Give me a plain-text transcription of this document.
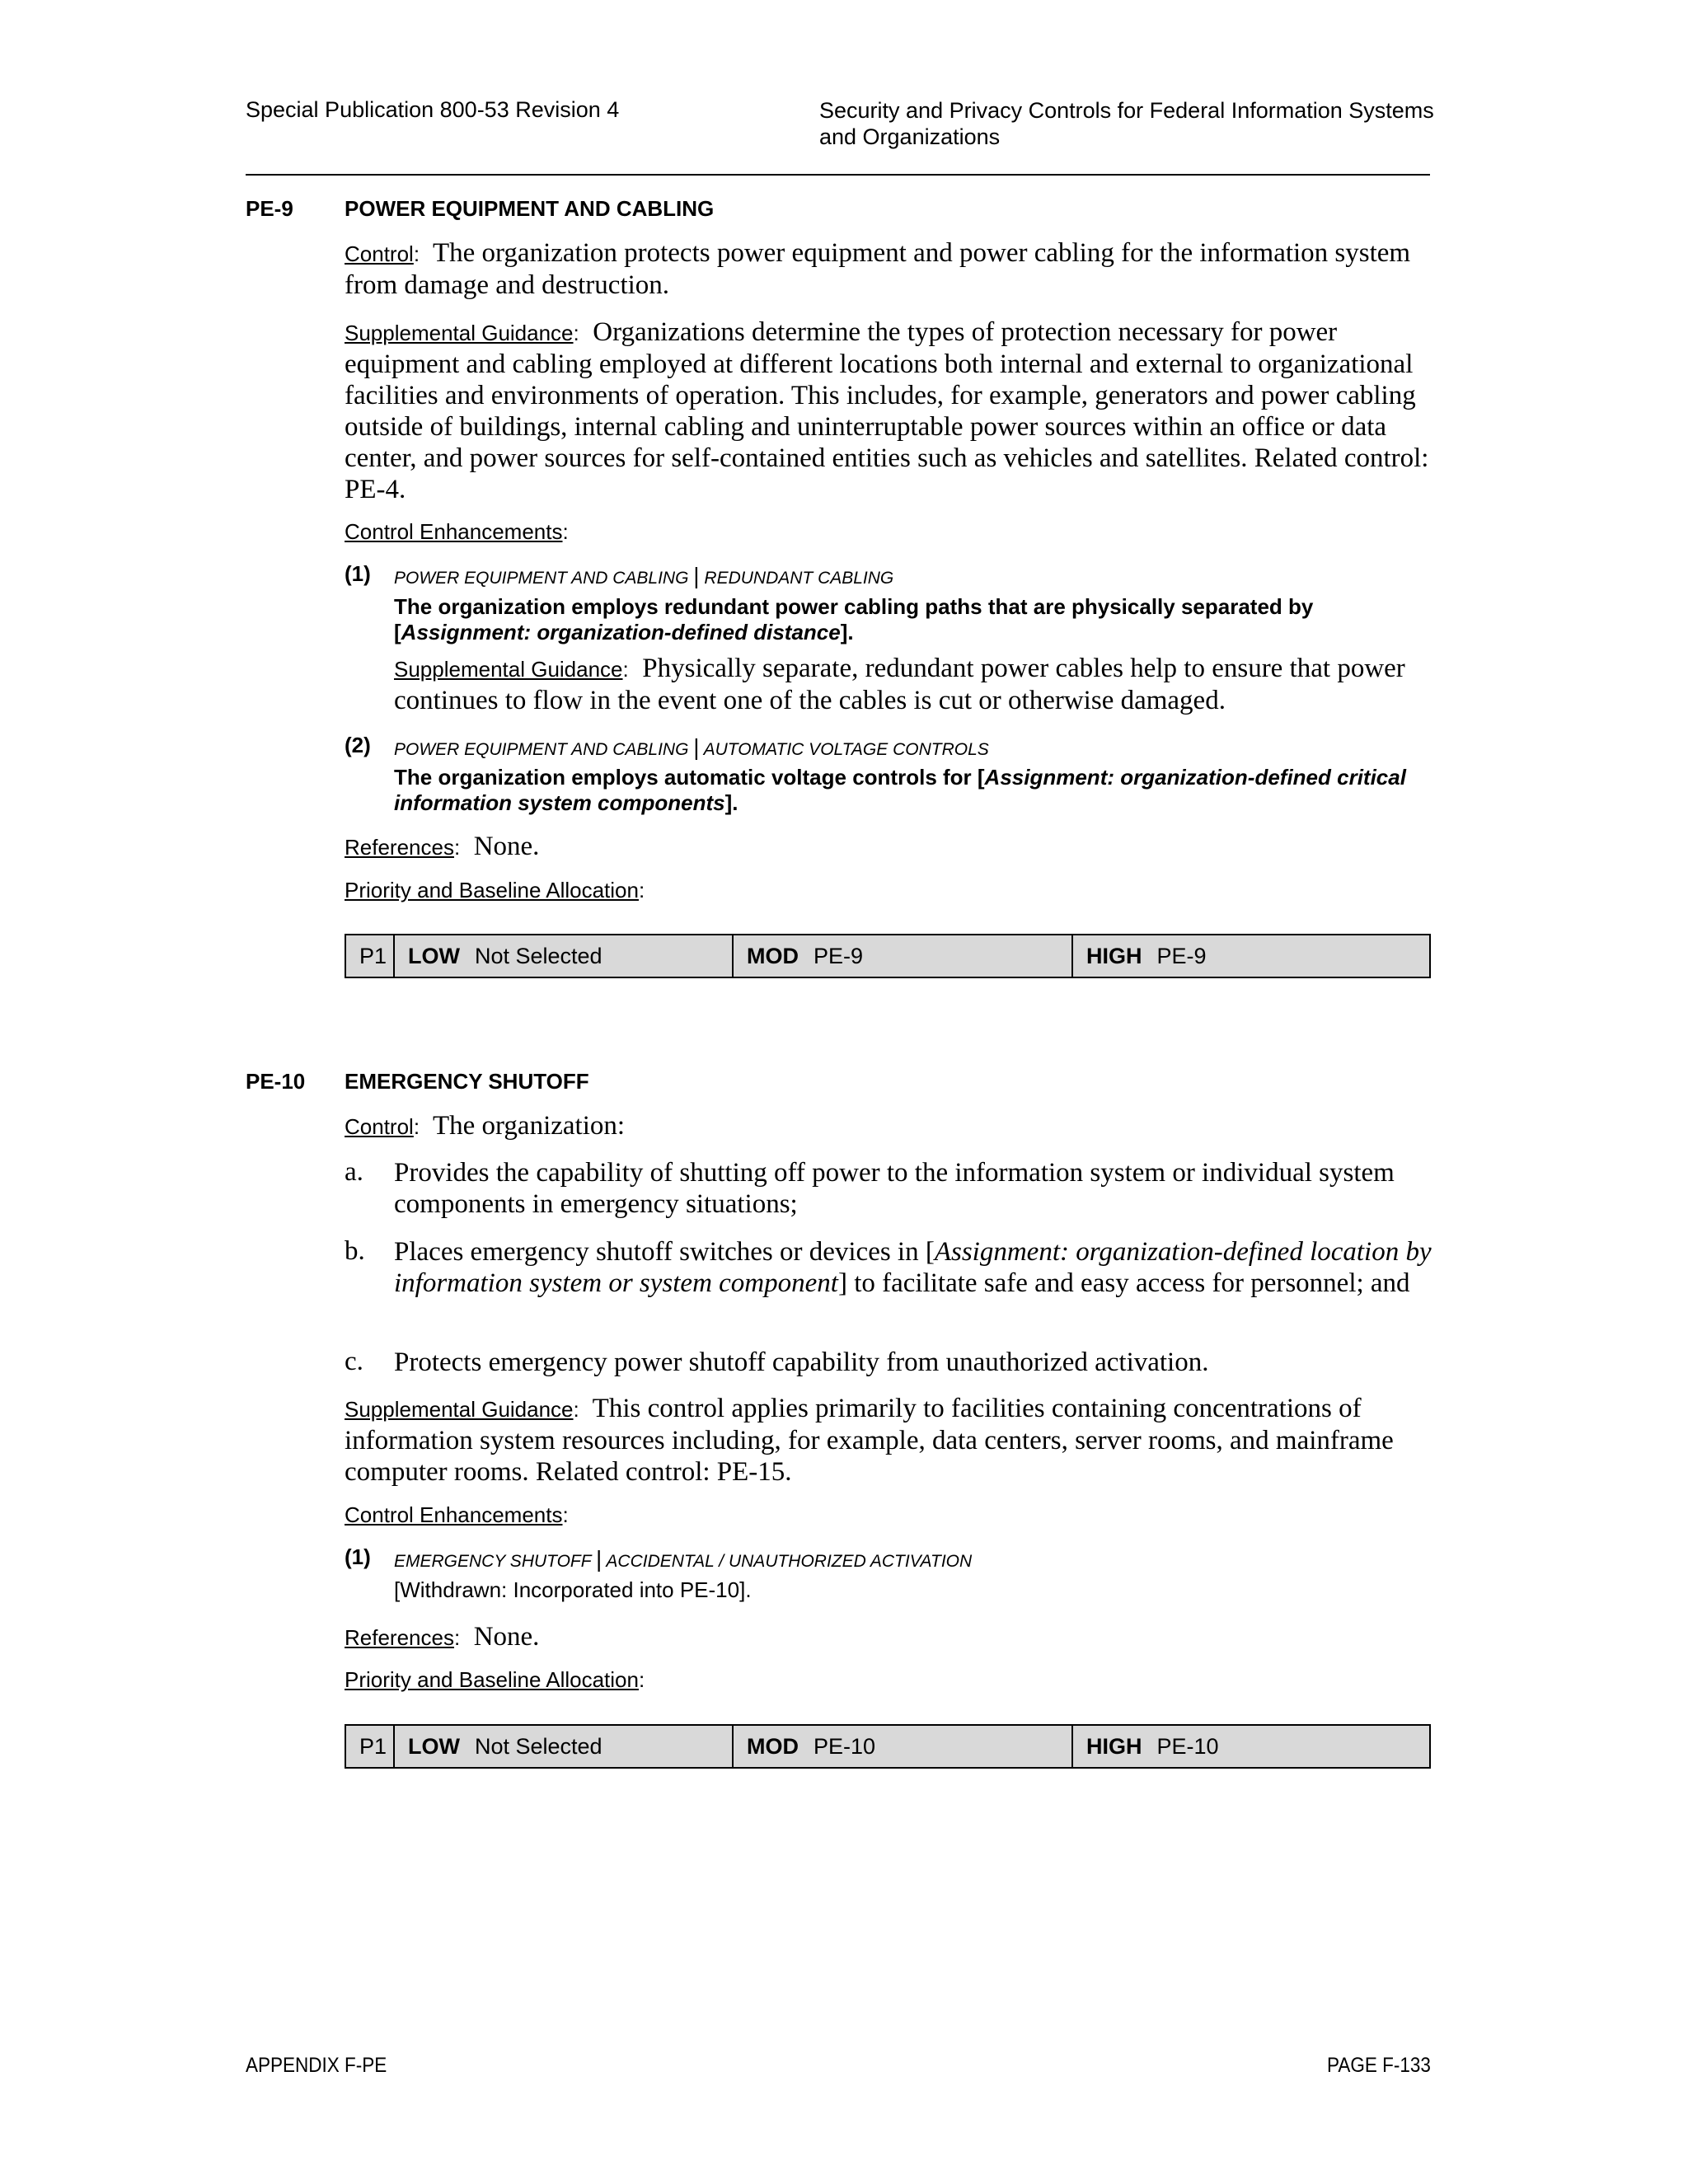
Special Publication 800-53 Revision 4	Security and Privacy Controls for Federal Information Systems
and Organizations
PE-9 POWER EQUIPMENT AND CABLING
Control: The organization protects power equipment and power cabling for the information system from damage and destruction.
Supplemental Guidance: Organizations determine the types of protection necessary for power equipment and cabling employed at different locations both internal and external to organizational facilities and environments of operation. This includes, for example, generators and power cabling outside of buildings, internal cabling and uninterruptable power sources within an office or data center, and power sources for self-contained entities such as vehicles and satellites. Related control: PE-4.
Control Enhancements:
(1) POWER EQUIPMENT AND CABLING | REDUNDANT CABLING
The organization employs redundant power cabling paths that are physically separated by [Assignment: organization-defined distance].
Supplemental Guidance: Physically separate, redundant power cables help to ensure that power continues to flow in the event one of the cables is cut or otherwise damaged.
(2) POWER EQUIPMENT AND CABLING | AUTOMATIC VOLTAGE CONTROLS
The organization employs automatic voltage controls for [Assignment: organization-defined critical information system components].
References: None.
Priority and Baseline Allocation:
P1	LOW Not Selected	MOD PE-9	HIGH PE-9
PE-10 EMERGENCY SHUTOFF
Control: The organization:
a. Provides the capability of shutting off power to the information system or individual system components in emergency situations;
b. Places emergency shutoff switches or devices in [Assignment: organization-defined location by information system or system component] to facilitate safe and easy access for personnel; and
c. Protects emergency power shutoff capability from unauthorized activation.
Supplemental Guidance: This control applies primarily to facilities containing concentrations of information system resources including, for example, data centers, server rooms, and mainframe computer rooms. Related control: PE-15.
Control Enhancements:
(1) EMERGENCY SHUTOFF | ACCIDENTAL / UNAUTHORIZED ACTIVATION
[Withdrawn: Incorporated into PE-10].
References: None.
Priority and Baseline Allocation:
P1	LOW Not Selected	MOD PE-10	HIGH PE-10
APPENDIX F-PE	PAGE F-133
